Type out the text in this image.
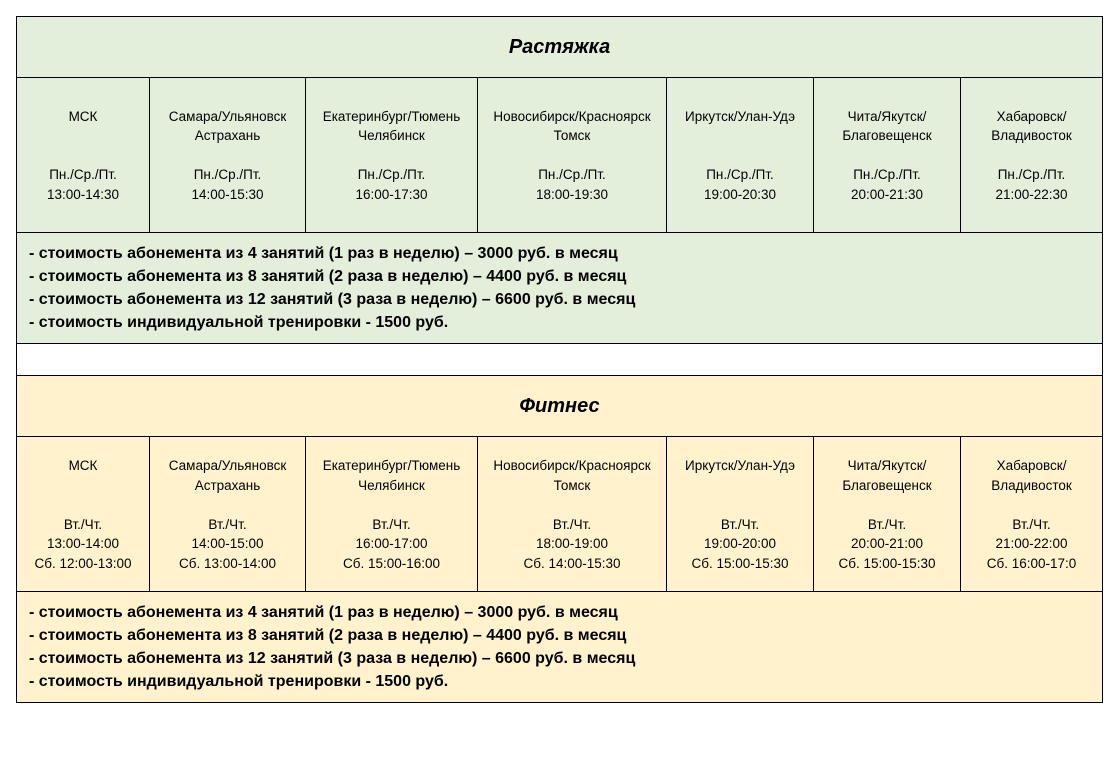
Растяжка						

МСК
Пн./Ср./Пт.
13:00-14:30	Самара/Ульяновск
Астрахань
Пн./Ср./Пт.
14:00-15:30	Екатеринбург/Тюмень
Челябинск
Пн./Ср./Пт.
16:00-17:30	Новосибирск/Красноярск
Томск
Пн./Ср./Пт.
18:00-19:30	Иркутск/Улан-Удэ
Пн./Ср./Пт.
19:00-20:30	Чита/Якутск/
Благовещенск
Пн./Ср./Пт.
20:00-21:30	Хабаровск/
Владивосток
Пн./Ср./Пт.
21:00-22:30

- стоимость абонемента из 4 занятий (1 раз в неделю) – 3000 руб. в месяц
- стоимость абонемента из 8 занятий (2 раза в неделю) – 4400 руб. в месяц
- стоимость абонемента из 12 занятий (3 раза в неделю) – 6600 руб. в месяц
- стоимость индивидуальной тренировки - 1500 руб.						

Фитнес						

МСК
Вт./Чт.
13:00-14:00
Сб. 12:00-13:00	Самара/Ульяновск
Астрахань
Вт./Чт.
14:00-15:00
Сб. 13:00-14:00	Екатеринбург/Тюмень
Челябинск
Вт./Чт.
16:00-17:00
Сб. 15:00-16:00	Новосибирск/Красноярск
Томск
Вт./Чт.
18:00-19:00
Сб. 14:00-15:30	Иркутск/Улан-Удэ
Вт./Чт.
19:00-20:00
Сб. 15:00-15:30	Чита/Якутск/
Благовещенск
Вт./Чт.
20:00-21:00
Сб. 15:00-15:30	Хабаровск/
Владивосток
Вт./Чт.
21:00-22:00
Сб. 16:00-17:0

- стоимость абонемента из 4 занятий (1 раз в неделю) – 3000 руб. в месяц
- стоимость абонемента из 8 занятий (2 раза в неделю) – 4400 руб. в месяц
- стоимость абонемента из 12 занятий (3 раза в неделю) – 6600 руб. в месяц
- стоимость индивидуальной тренировки - 1500 руб.						
